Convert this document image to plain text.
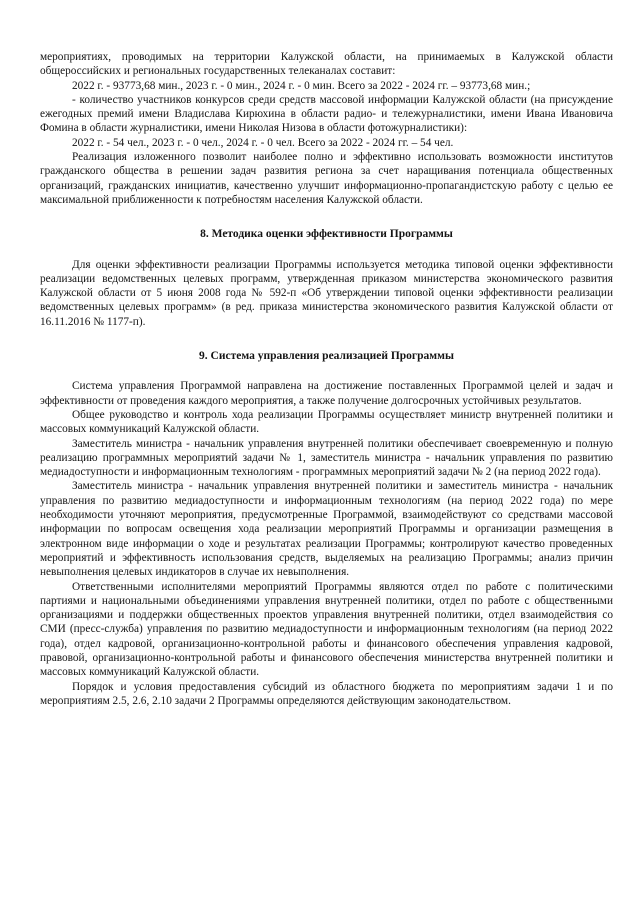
мероприятиях, проводимых на территории Калужской области, на принимаемых в Калужской области общероссийских и региональных государственных телеканалах составит:

2022 г. - 93773,68 мин., 2023 г. - 0 мин., 2024 г. - 0 мин. Всего за 2022 - 2024 гг. – 93773,68 мин.;

- количество участников конкурсов среди средств массовой информации Калужской области (на присуждение ежегодных премий имени Владислава Кирюхина в области радио- и тележурналистики, имени Ивана Ивановича Фомина в области журналистики, имени Николая Низова в области фотожурналистики):

2022 г. - 54 чел., 2023 г. - 0 чел., 2024 г. - 0 чел. Всего за 2022 - 2024 гг. – 54 чел.

Реализация изложенного позволит наиболее полно и эффективно использовать возможности институтов гражданского общества в решении задач развития региона за счет наращивания потенциала общественных организаций, гражданских инициатив, качественно улучшит информационно-пропагандистскую работу с целью ее максимальной приближенности к потребностям населения Калужской области.

8. Методика оценки эффективности Программы

Для оценки эффективности реализации Программы используется методика типовой оценки эффективности реализации ведомственных целевых программ, утвержденная приказом министерства экономического развития Калужской области от 5 июня 2008 года № 592-п «Об утверждении типовой оценки эффективности реализации ведомственных целевых программ» (в ред. приказа министерства экономического развития Калужской области от 16.11.2016 № 1177-п).

9. Система управления реализацией Программы

Система управления Программой направлена на достижение поставленных Программой целей и задач и эффективности от проведения каждого мероприятия, а также получение долгосрочных устойчивых результатов.

Общее руководство и контроль хода реализации Программы осуществляет министр внутренней политики и массовых коммуникаций Калужской области.

Заместитель министра - начальник управления внутренней политики обеспечивает своевременную и полную реализацию программных мероприятий задачи № 1, заместитель министра - начальник управления по развитию медиадоступности и информационным технологиям - программных мероприятий задачи № 2 (на период 2022 года).

Заместитель министра - начальник управления внутренней политики и заместитель министра - начальник управления по развитию медиадоступности и информационным технологиям (на период 2022 года) по мере необходимости уточняют мероприятия, предусмотренные Программой, взаимодействуют со средствами массовой информации по вопросам освещения хода реализации мероприятий Программы и организации размещения в электронном виде информации о ходе и результатах реализации Программы; контролируют качество проведенных мероприятий и эффективность использования средств, выделяемых на реализацию Программы; анализ причин невыполнения целевых индикаторов в случае их невыполнения.

Ответственными исполнителями мероприятий Программы являются отдел по работе с политическими партиями и национальными объединениями управления внутренней политики, отдел по работе с общественными организациями и поддержки общественных проектов управления внутренней политики, отдел взаимодействия со СМИ (пресс-служба) управления по развитию медиадоступности и информационным технологиям (на период 2022 года), отдел кадровой, организационно-контрольной работы и финансового обеспечения управления кадровой, правовой, организационно-контрольной работы и финансового обеспечения министерства внутренней политики и массовых коммуникаций Калужской области.

Порядок и условия предоставления субсидий из областного бюджета по мероприятиям задачи 1 и по мероприятиям 2.5, 2.6, 2.10 задачи 2 Программы определяются действующим законодательством.
